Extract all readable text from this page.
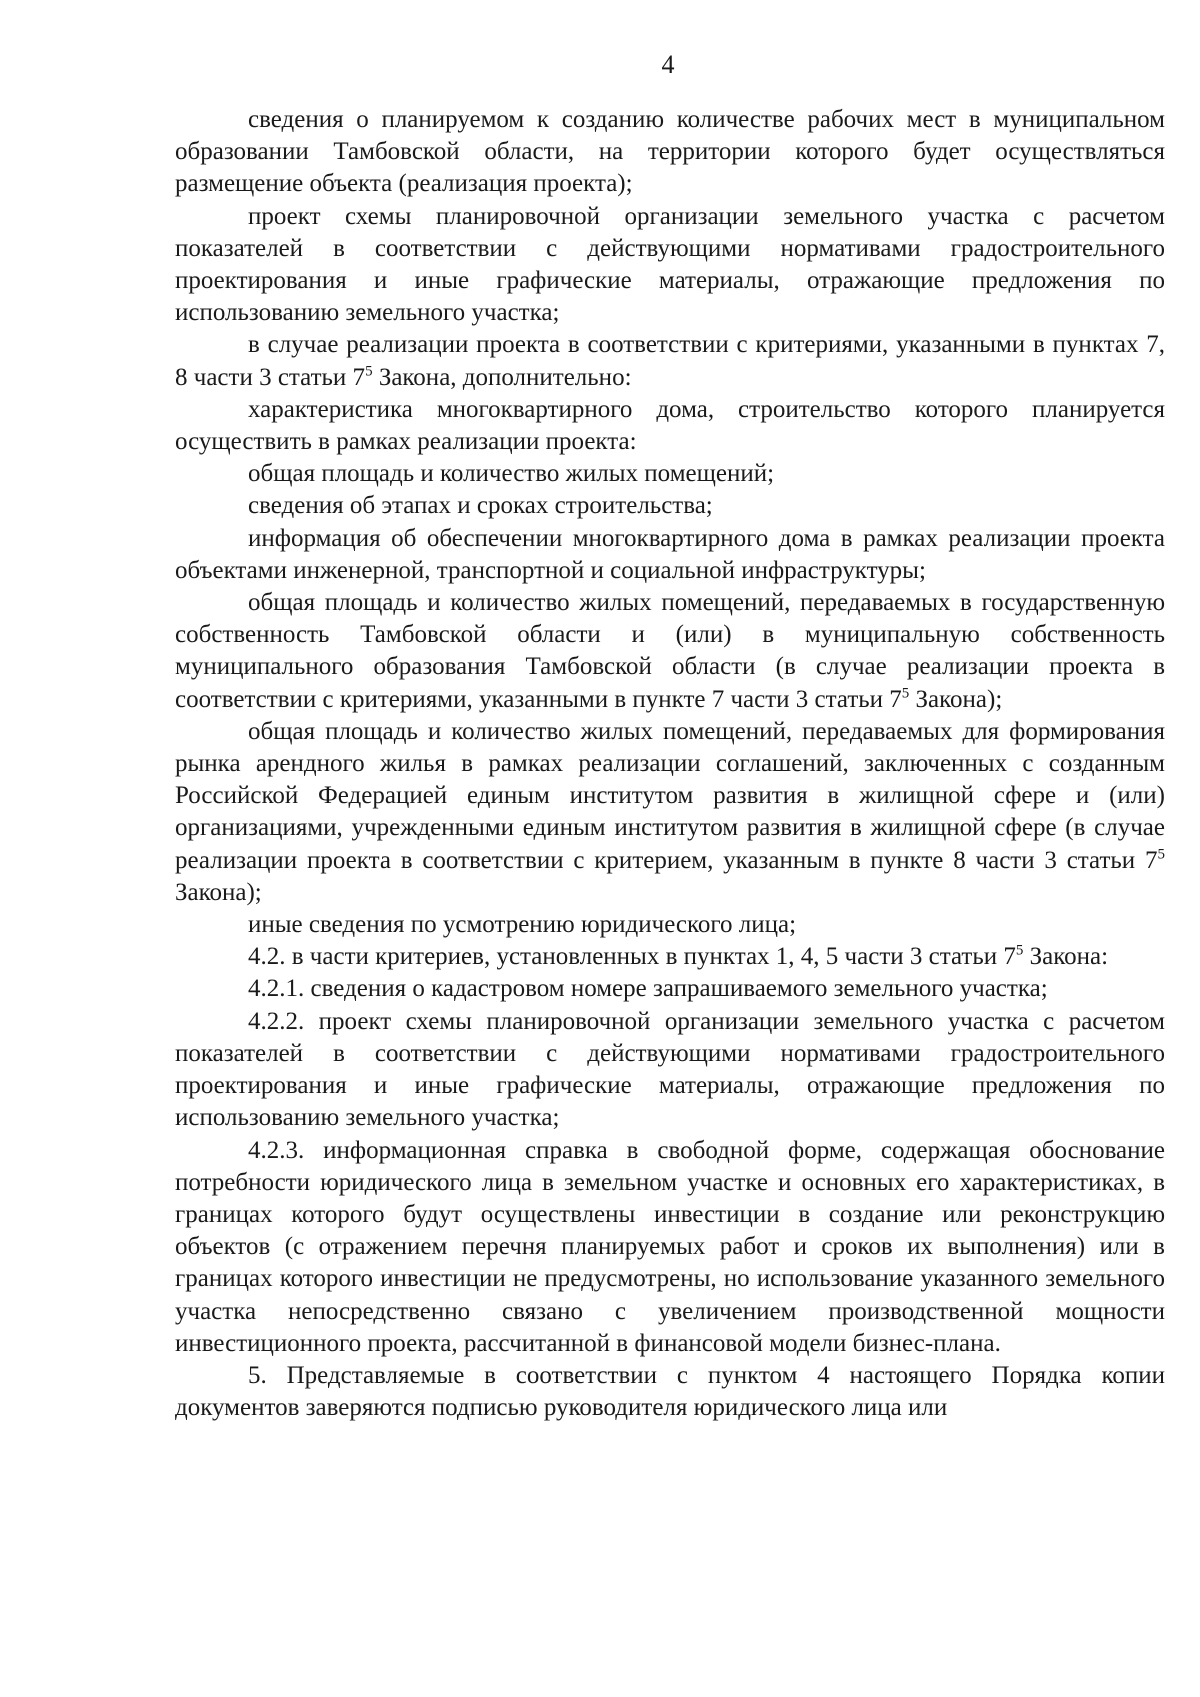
4

сведения о планируемом к созданию количестве рабочих мест в муниципальном образовании Тамбовской области, на территории которого будет осуществляться размещение объекта (реализация проекта);

проект схемы планировочной организации земельного участка с расчетом показателей в соответствии с действующими нормативами градостроительного проектирования и иные графические материалы, отражающие предложения по использованию земельного участка;

в случае реализации проекта в соответствии с критериями, указанными в пунктах 7, 8 части 3 статьи $7^5$ Закона, дополнительно:

характеристика многоквартирного дома, строительство которого планируется осуществить в рамках реализации проекта:

общая площадь и количество жилых помещений;

сведения об этапах и сроках строительства;

информация об обеспечении многоквартирного дома в рамках реализации проекта объектами инженерной, транспортной и социальной инфраструктуры;

общая площадь и количество жилых помещений, передаваемых в государственную собственность Тамбовской области и (или) в муниципальную собственность муниципального образования Тамбовской области (в случае реализации проекта в соответствии с критериями, указанными в пункте 7 части 3 статьи $7^5$ Закона);

общая площадь и количество жилых помещений, передаваемых для формирования рынка арендного жилья в рамках реализации соглашений, заключенных с созданным Российской Федерацией единым институтом развития в жилищной сфере и (или) организациями, учрежденными единым институтом развития в жилищной сфере (в случае реализации проекта в соответствии с критерием, указанным в пункте 8 части 3 статьи $7^5$ Закона);

иные сведения по усмотрению юридического лица;

4.2. в части критериев, установленных в пунктах 1, 4, 5 части 3 статьи $7^5$ Закона:

4.2.1. сведения о кадастровом номере запрашиваемого земельного участка;

4.2.2. проект схемы планировочной организации земельного участка с расчетом показателей в соответствии с действующими нормативами градостроительного проектирования и иные графические материалы, отражающие предложения по использованию земельного участка;

4.2.3. информационная справка в свободной форме, содержащая обоснование потребности юридического лица в земельном участке и основных его характеристиках, в границах которого будут осуществлены инвестиции в создание или реконструкцию объектов (с отражением перечня планируемых работ и сроков их выполнения) или в границах которого инвестиции не предусмотрены, но использование указанного земельного участка непосредственно связано с увеличением производственной мощности инвестиционного проекта, рассчитанной в финансовой модели бизнес-плана.

5. Представляемые в соответствии с пунктом 4 настоящего Порядка копии документов заверяются подписью руководителя юридического лица или
